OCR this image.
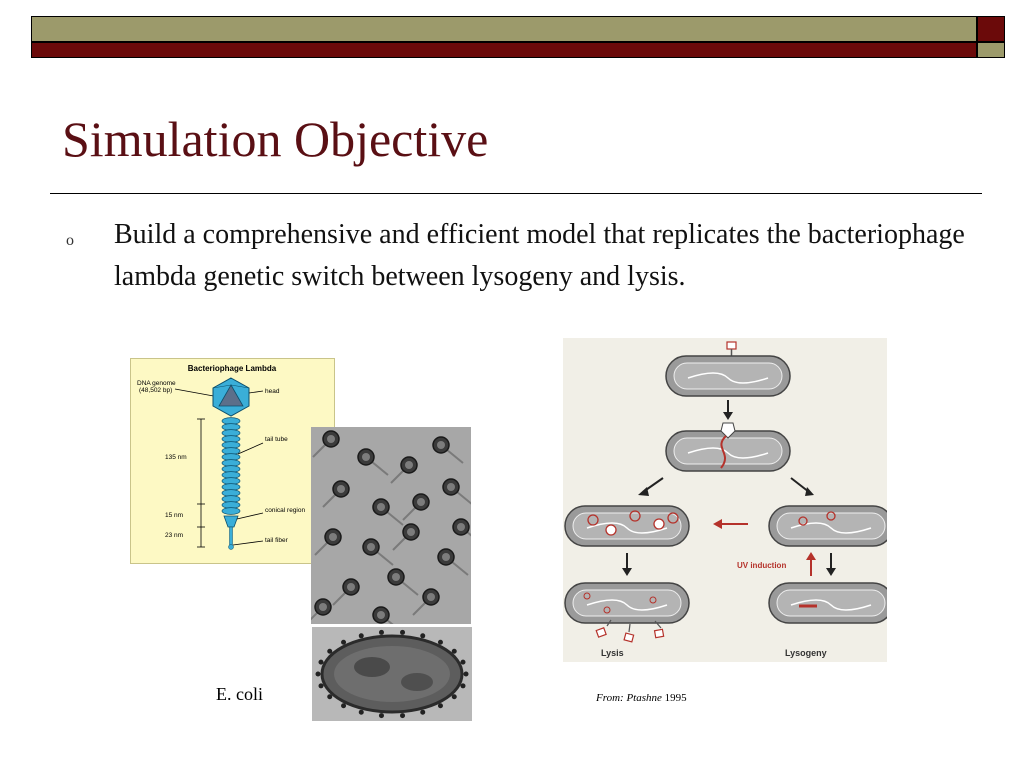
Simulation Objective
o Build a comprehensive and efficient model that replicates the bacteriophage lambda genetic switch between lysogeny and lysis.
Bacteriophage Lambda
DNA genome
(48,502 bp)	head
tail tube
conical region
tail fiber
135 nm
15 nm
23 nm
UV induction
Lysis	Lysogeny
E. coli	From: Ptashne 1995
